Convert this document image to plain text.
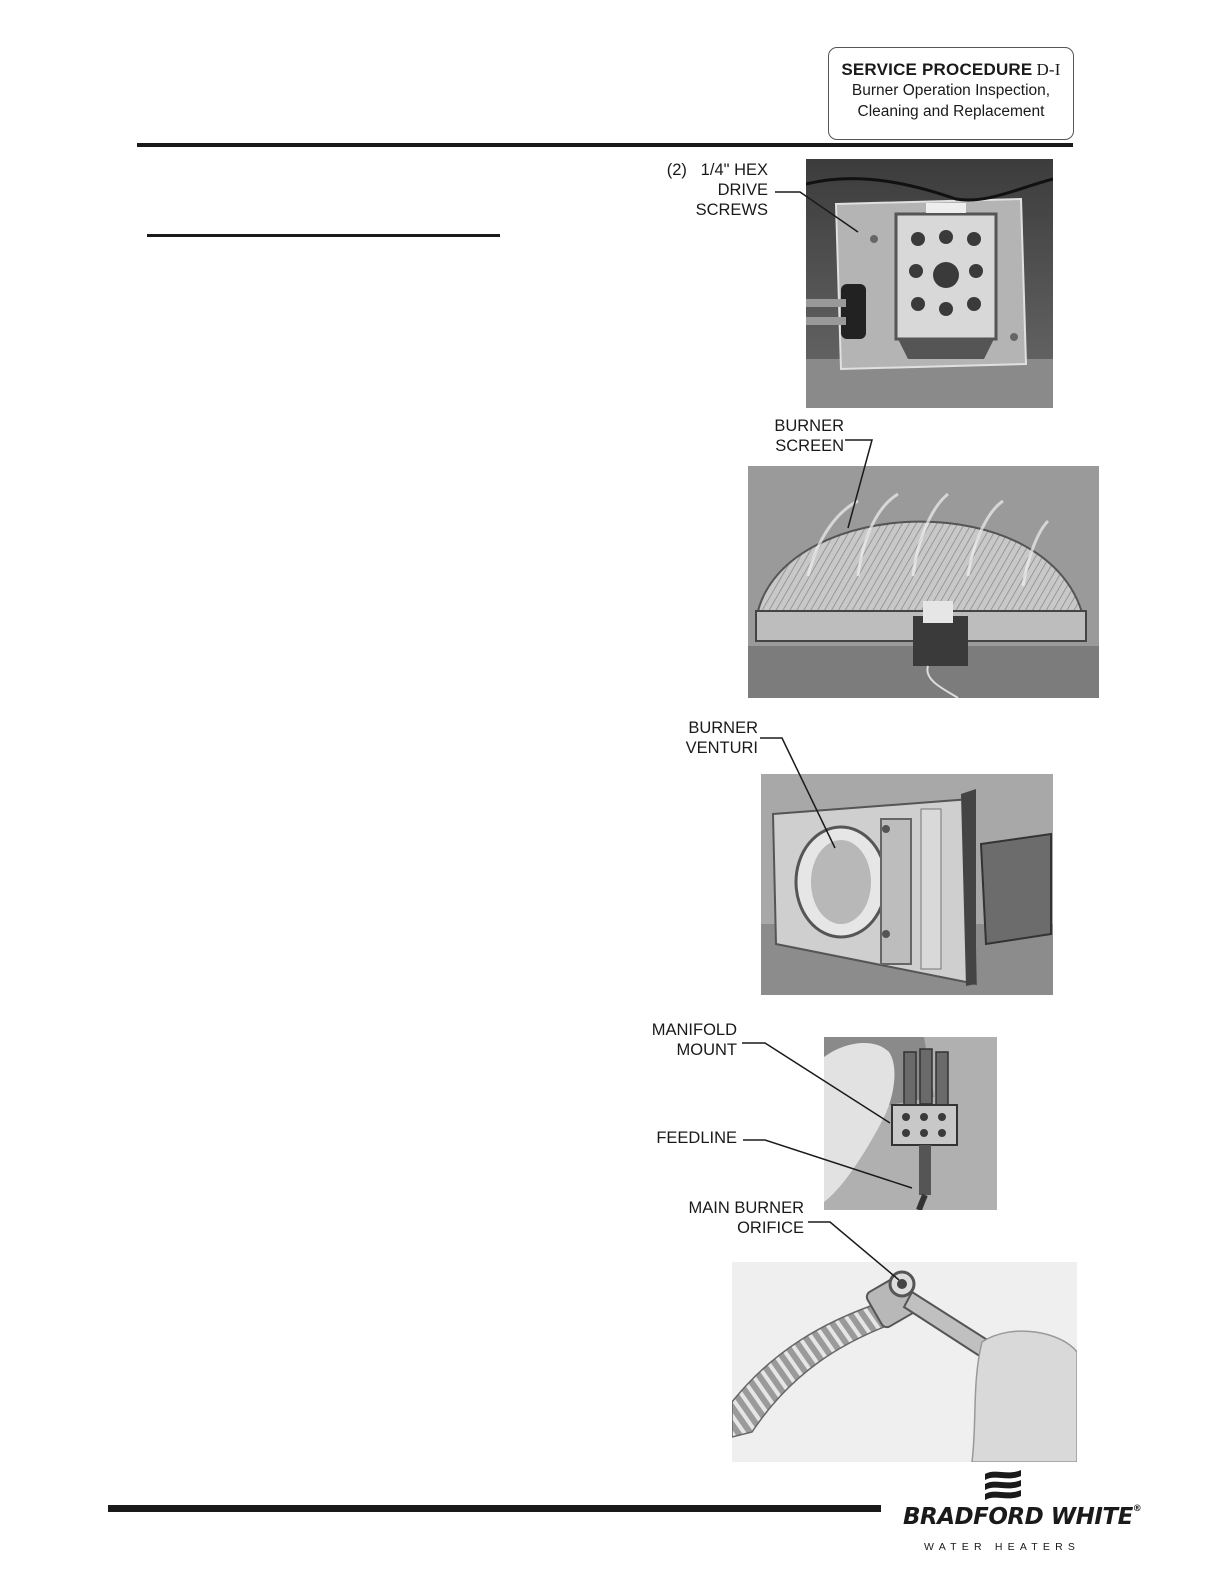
SERVICE PROCEDURE D-I
Burner Operation Inspection,
Cleaning and Replacement
(2)   1/4" HEX
DRIVE
SCREWS
BURNER
SCREEN
BURNER
VENTURI
MANIFOLD
MOUNT
FEEDLINE
MAIN BURNER
ORIFICE
BRADFORD WHITE®
WATER HEATERS
